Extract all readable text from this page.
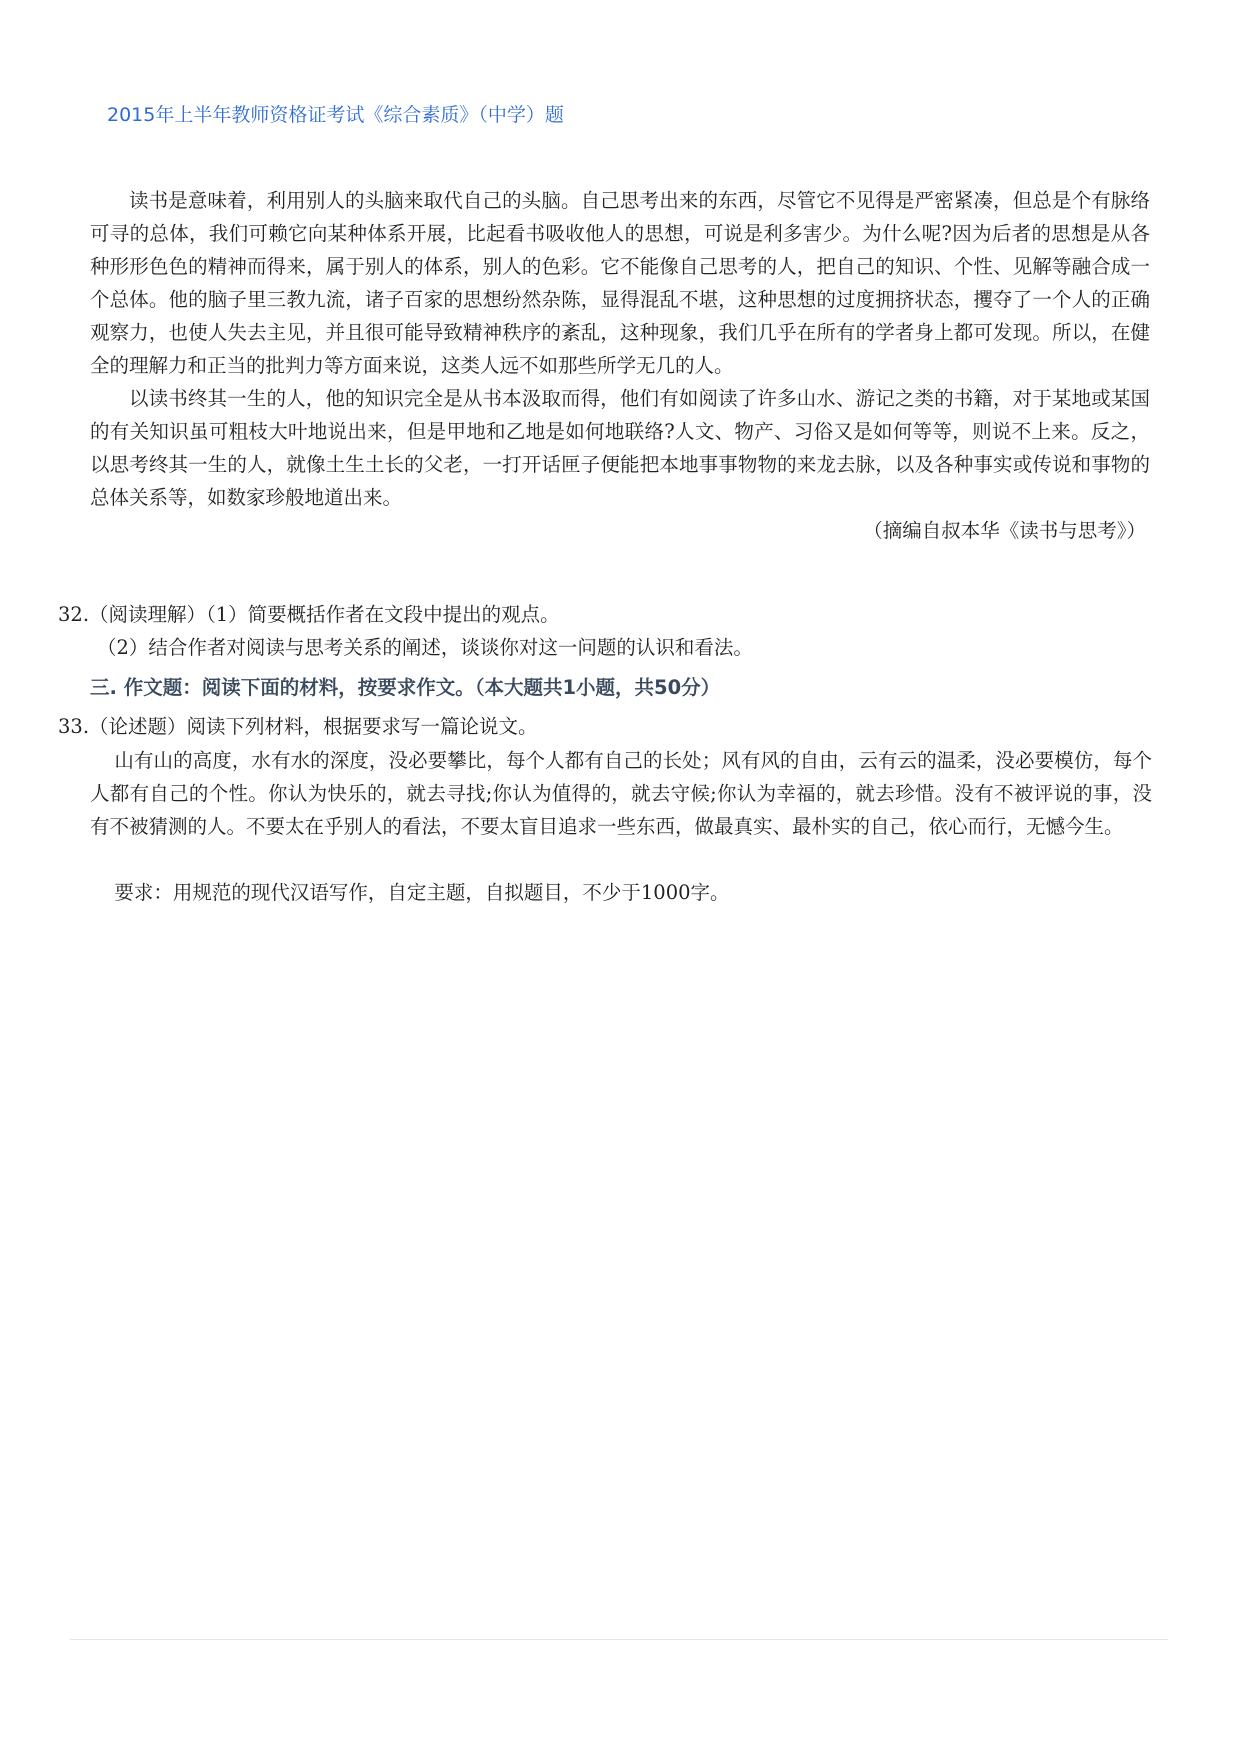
2015年上半年教师资格证考试《综合素质》（中学）题

读书是意味着，利用别人的头脑来取代自己的头脑。自己思考出来的东西，尽管它不见得是严密紧凑，但总是个有脉络可寻的总体，我们可赖它向某种体系开展，比起看书吸收他人的思想，可说是利多害少。为什么呢?因为后者的思想是从各种形形色色的精神而得来，属于别人的体系，别人的色彩。它不能像自己思考的人，把自己的知识、个性、见解等融合成一个总体。他的脑子里三教九流，诸子百家的思想纷然杂陈，显得混乱不堪，这种思想的过度拥挤状态，攫夺了一个人的正确观察力，也使人失去主见，并且很可能导致精神秩序的紊乱，这种现象，我们几乎在所有的学者身上都可发现。所以，在健全的理解力和正当的批判力等方面来说，这类人远不如那些所学无几的人。

以读书终其一生的人，他的知识完全是从书本汲取而得，他们有如阅读了许多山水、游记之类的书籍，对于某地或某国的有关知识虽可粗枝大叶地说出来，但是甲地和乙地是如何地联络?人文、物产、习俗又是如何等等，则说不上来。反之，以思考终其一生的人，就像土生土长的父老，一打开话匣子便能把本地事事物物的来龙去脉，以及各种事实或传说和事物的总体关系等，如数家珍般地道出来。

（摘编自叔本华《读书与思考》）

32.（阅读理解）（1）简要概括作者在文段中提出的观点。

（2）结合作者对阅读与思考关系的阐述，谈谈你对这一问题的认识和看法。

三. 作文题：阅读下面的材料，按要求作文。（本大题共1小题，共50分）

33.（论述题）阅读下列材料，根据要求写一篇论说文。

山有山的高度，水有水的深度，没必要攀比，每个人都有自己的长处；风有风的自由，云有云的温柔，没必要模仿，每个人都有自己的个性。你认为快乐的，就去寻找;你认为值得的，就去守候;你认为幸福的，就去珍惜。没有不被评说的事，没有不被猜测的人。不要太在乎别人的看法，不要太盲目追求一些东西，做最真实、最朴实的自己，依心而行，无憾今生。

要求：用规范的现代汉语写作，自定主题，自拟题目，不少于1000字。
